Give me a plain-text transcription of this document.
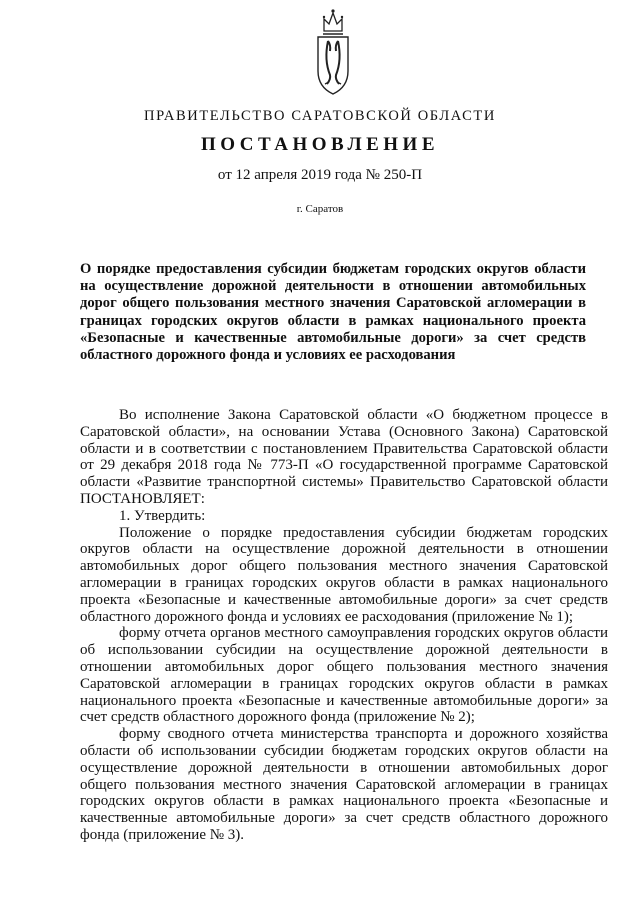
ПРАВИТЕЛЬСТВО САРАТОВСКОЙ ОБЛАСТИ
ПОСТАНОВЛЕНИЕ
от 12 апреля 2019 года № 250-П
г. Саратов
О порядке предоставления субсидии бюджетам городских округов области на осуществление дорожной деятельности в отношении автомобильных дорог общего пользования местного значения Саратовской агломерации в границах городских округов области в рамках национального проекта «Безопасные и качественные автомобильные дороги» за счет средств областного дорожного фонда и условиях ее расходования

Во исполнение Закона Саратовской области «О бюджетном процессе в Саратовской области», на основании Устава (Основного Закона) Саратовской области и в соответствии с постановлением Правительства Саратовской области от 29 декабря 2018 года № 773-П «О государственной программе Саратовской области «Развитие транспортной системы» Правительство Саратовской области ПОСТАНОВЛЯЕТ:

1. Утвердить:

Положение о порядке предоставления субсидии бюджетам городских округов области на осуществление дорожной деятельности в отношении автомобильных дорог общего пользования местного значения Саратовской агломерации в границах городских округов области в рамках национального проекта «Безопасные и качественные автомобильные дороги» за счет средств областного дорожного фонда и условиях ее расходования (приложение № 1);

форму отчета органов местного самоуправления городских округов области об использовании субсидии на осуществление дорожной деятельности в отношении автомобильных дорог общего пользования местного значения Саратовской агломерации в границах городских округов области в рамках национального проекта «Безопасные и качественные автомобильные дороги» за счет средств областного дорожного фонда (приложение № 2);

форму сводного отчета министерства транспорта и дорожного хозяйства области об использовании субсидии бюджетам городских округов области на осуществление дорожной деятельности в отношении автомобильных дорог общего пользования местного значения Саратовской агломерации в границах городских округов области в рамках национального проекта «Безопасные и качественные автомобильные дороги» за счет средств областного дорожного фонда (приложение № 3).
